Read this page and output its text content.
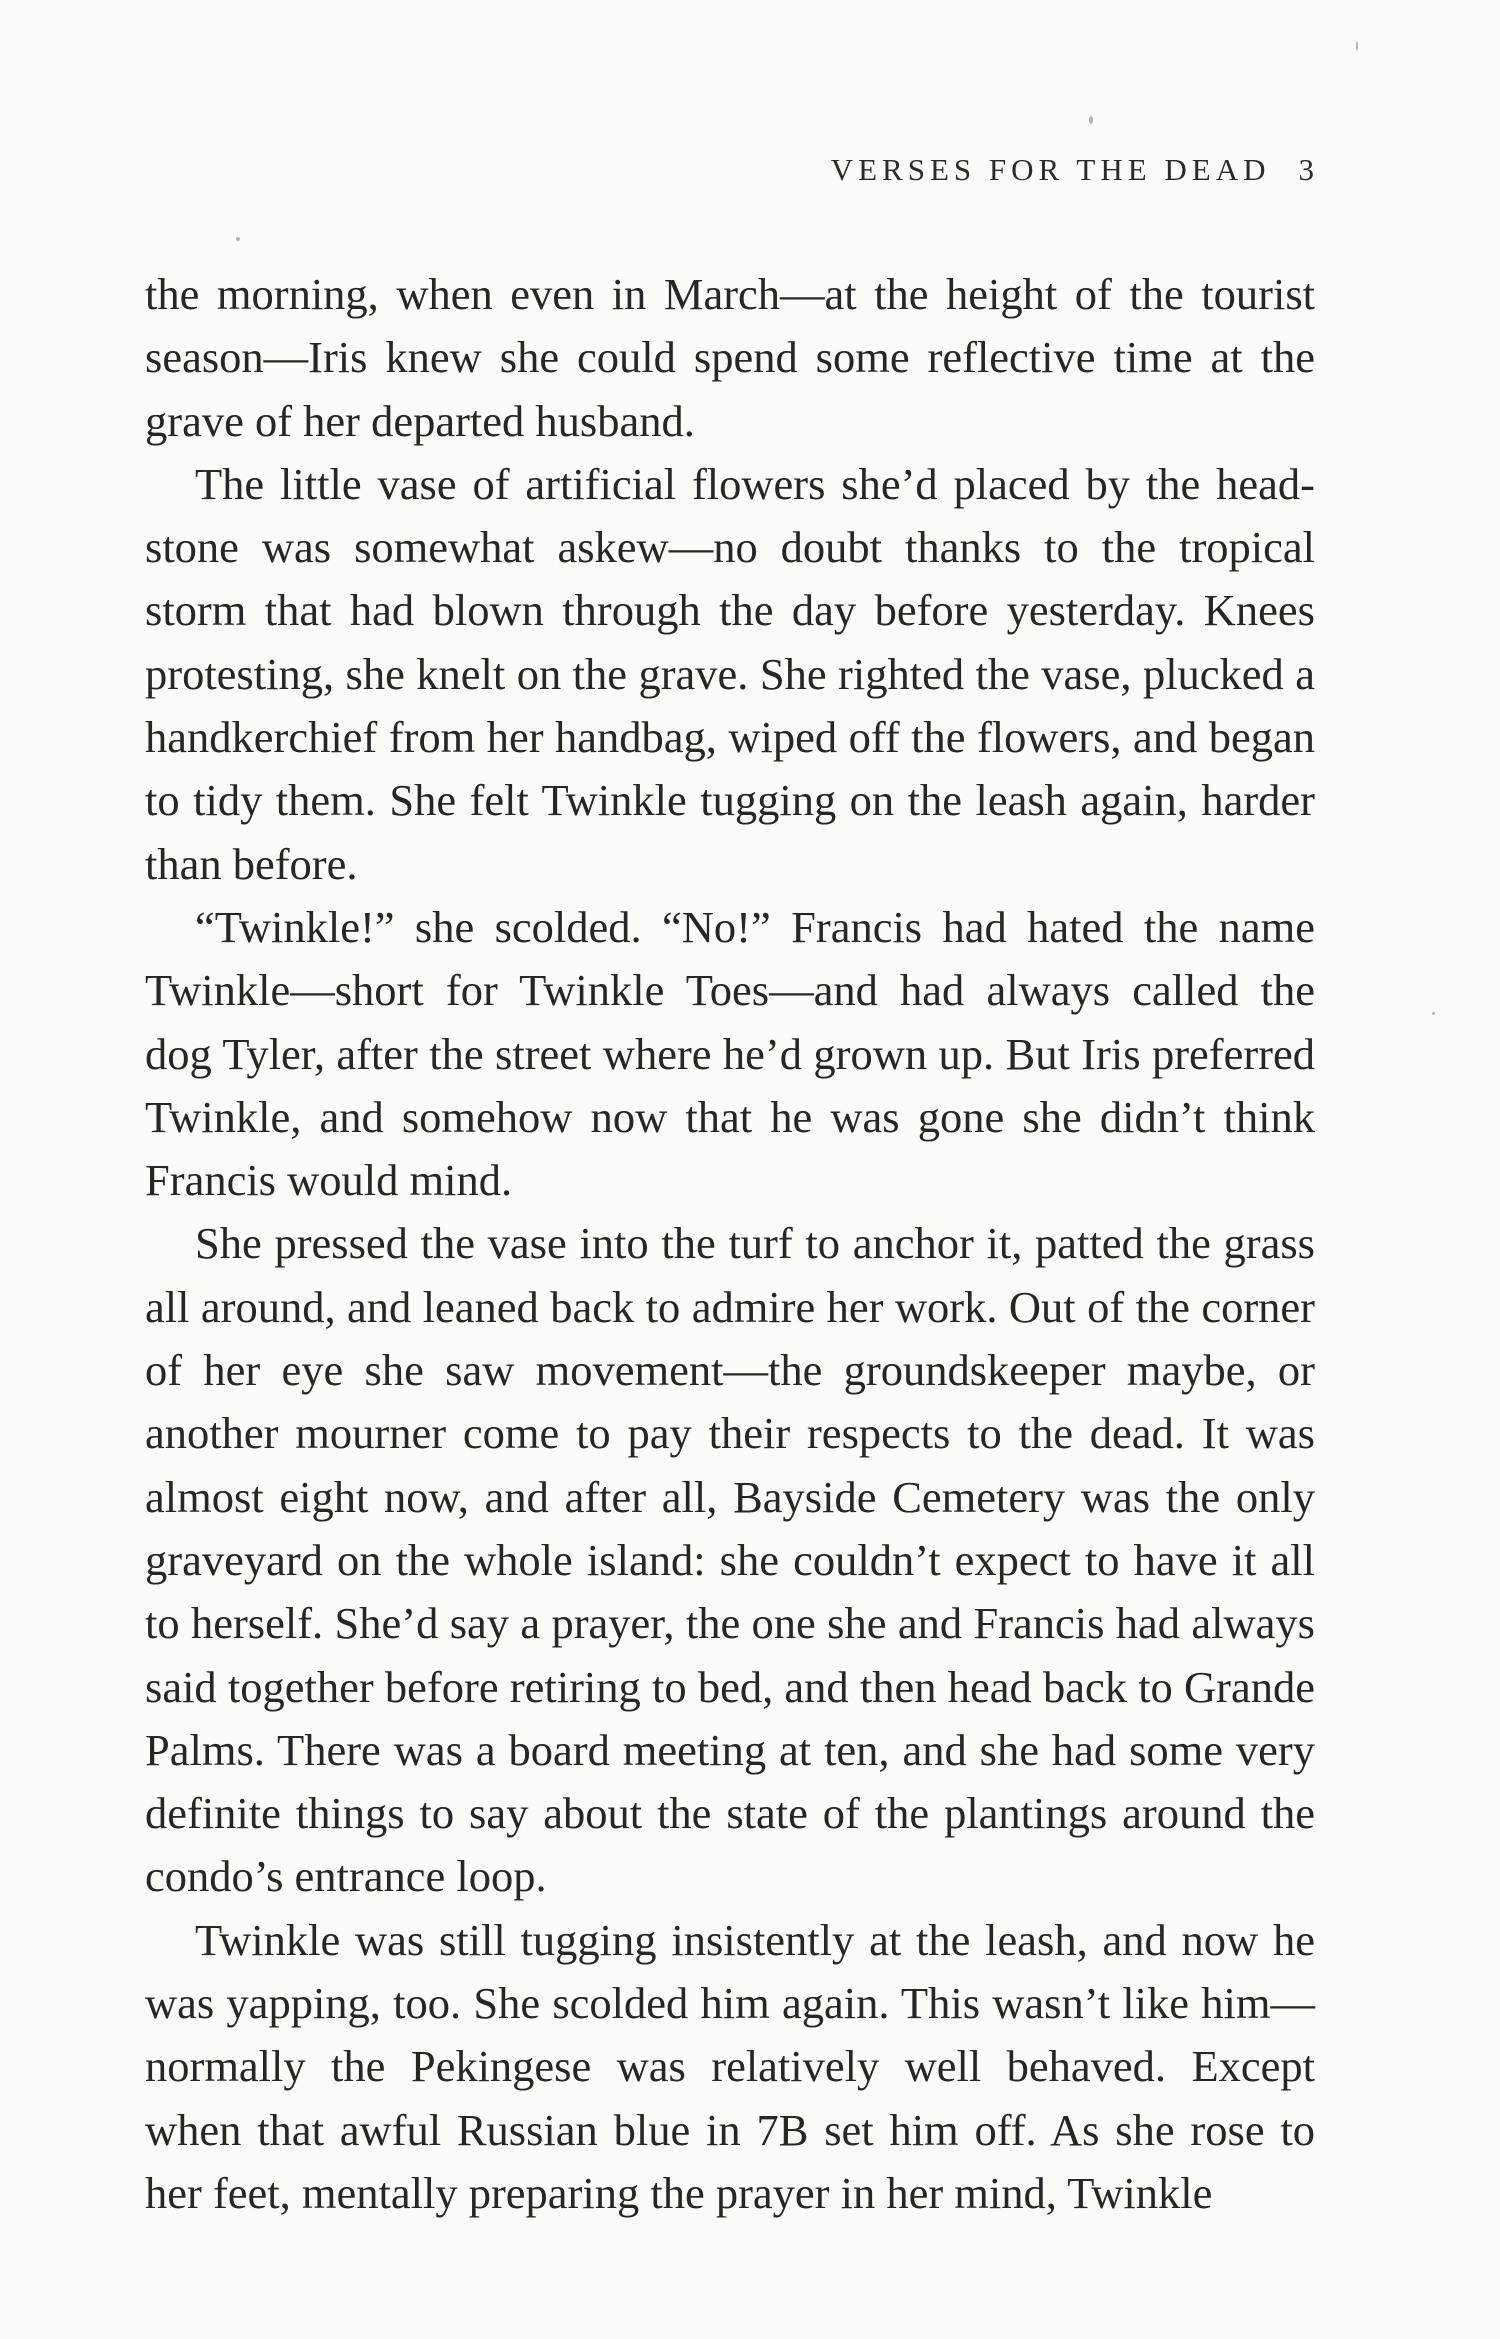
VERSES FOR THE DEAD 3

the morning, when even in March—at the height of the tourist season—Iris knew she could spend some reflective time at the grave of her departed husband.

The little vase of artificial flowers she’d placed by the headstone was somewhat askew—no doubt thanks to the tropical storm that had blown through the day before yesterday. Knees protesting, she knelt on the grave. She righted the vase, plucked a handkerchief from her handbag, wiped off the flowers, and began to tidy them. She felt Twinkle tugging on the leash again, harder than before.

“Twinkle!” she scolded. “No!” Francis had hated the name Twinkle—short for Twinkle Toes—and had always called the dog Tyler, after the street where he’d grown up. But Iris preferred Twinkle, and somehow now that he was gone she didn’t think Francis would mind.

She pressed the vase into the turf to anchor it, patted the grass all around, and leaned back to admire her work. Out of the corner of her eye she saw movement—the groundskeeper maybe, or another mourner come to pay their respects to the dead. It was almost eight now, and after all, Bayside Cemetery was the only graveyard on the whole island: she couldn’t expect to have it all to herself. She’d say a prayer, the one she and Francis had always said together before retiring to bed, and then head back to Grande Palms. There was a board meeting at ten, and she had some very definite things to say about the state of the plantings around the condo’s entrance loop.

Twinkle was still tugging insistently at the leash, and now he was yapping, too. She scolded him again. This wasn’t like him—normally the Pekingese was relatively well behaved. Except when that awful Russian blue in 7B set him off. As she rose to her feet, mentally preparing the prayer in her mind, Twinkle
